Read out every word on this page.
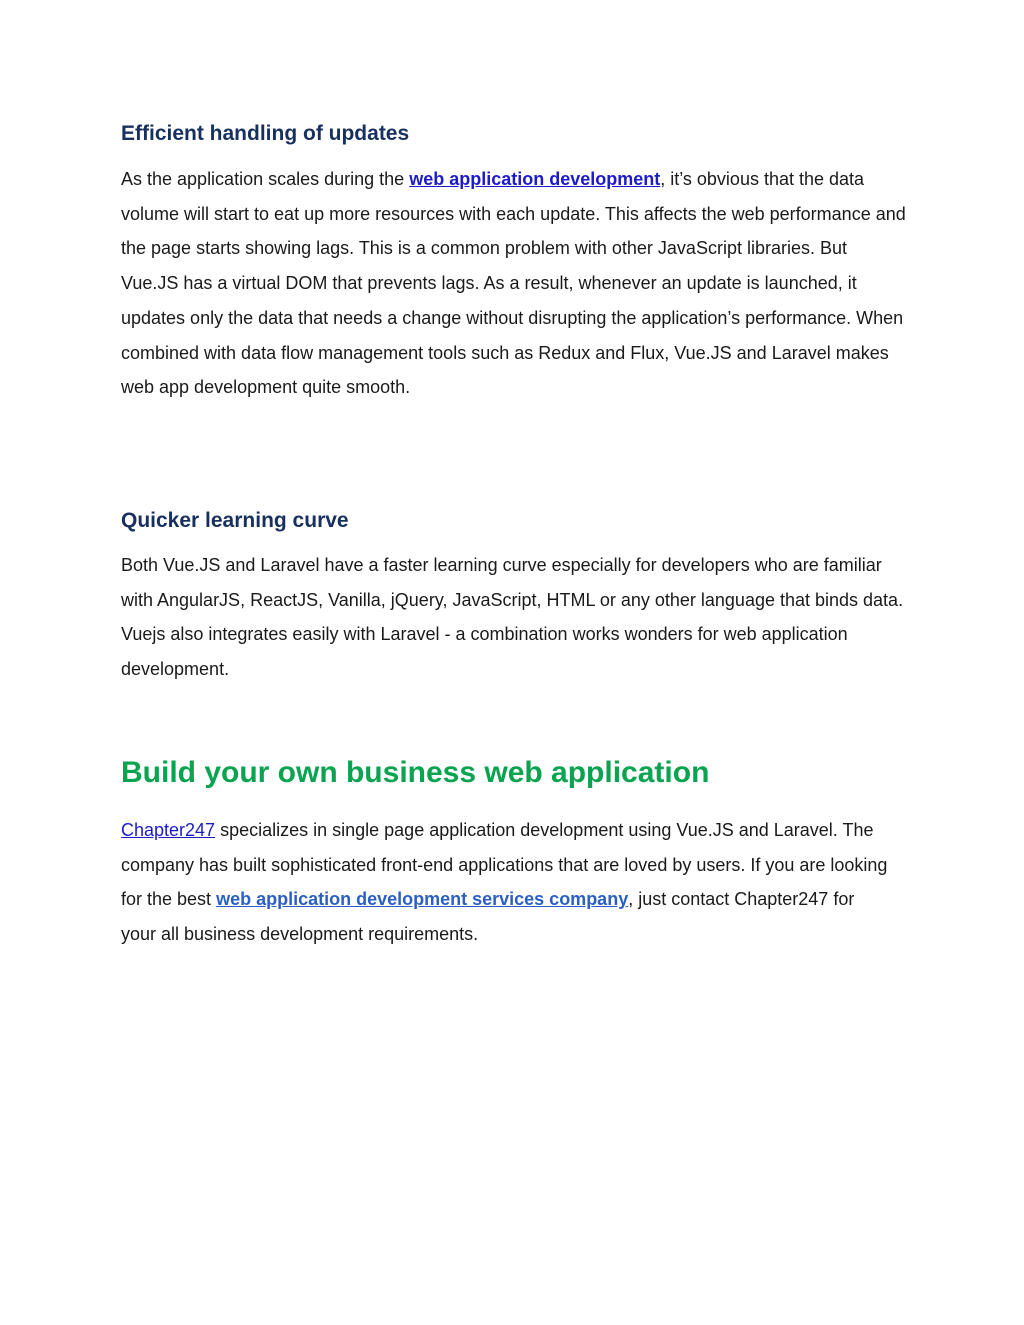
Efficient handling of updates

As the application scales during the web application development, it’s obvious that the data volume will start to eat up more resources with each update. This affects the web performance and the page starts showing lags. This is a common problem with other JavaScript libraries. But Vue.JS has a virtual DOM that prevents lags. As a result, whenever an update is launched, it updates only the data that needs a change without disrupting the application’s performance. When combined with data flow management tools such as Redux and Flux, Vue.JS and Laravel makes web app development quite smooth.

Quicker learning curve

Both Vue.JS and Laravel have a faster learning curve especially for developers who are familiar with AngularJS, ReactJS, Vanilla, jQuery, JavaScript, HTML or any other language that binds data. Vuejs also integrates easily with Laravel - a combination works wonders for web application development.

Build your own business web application

Chapter247 specializes in single page application development using Vue.JS and Laravel. The company has built sophisticated front-end applications that are loved by users. If you are looking for the best web application development services company, just contact Chapter247 for your all business development requirements.
